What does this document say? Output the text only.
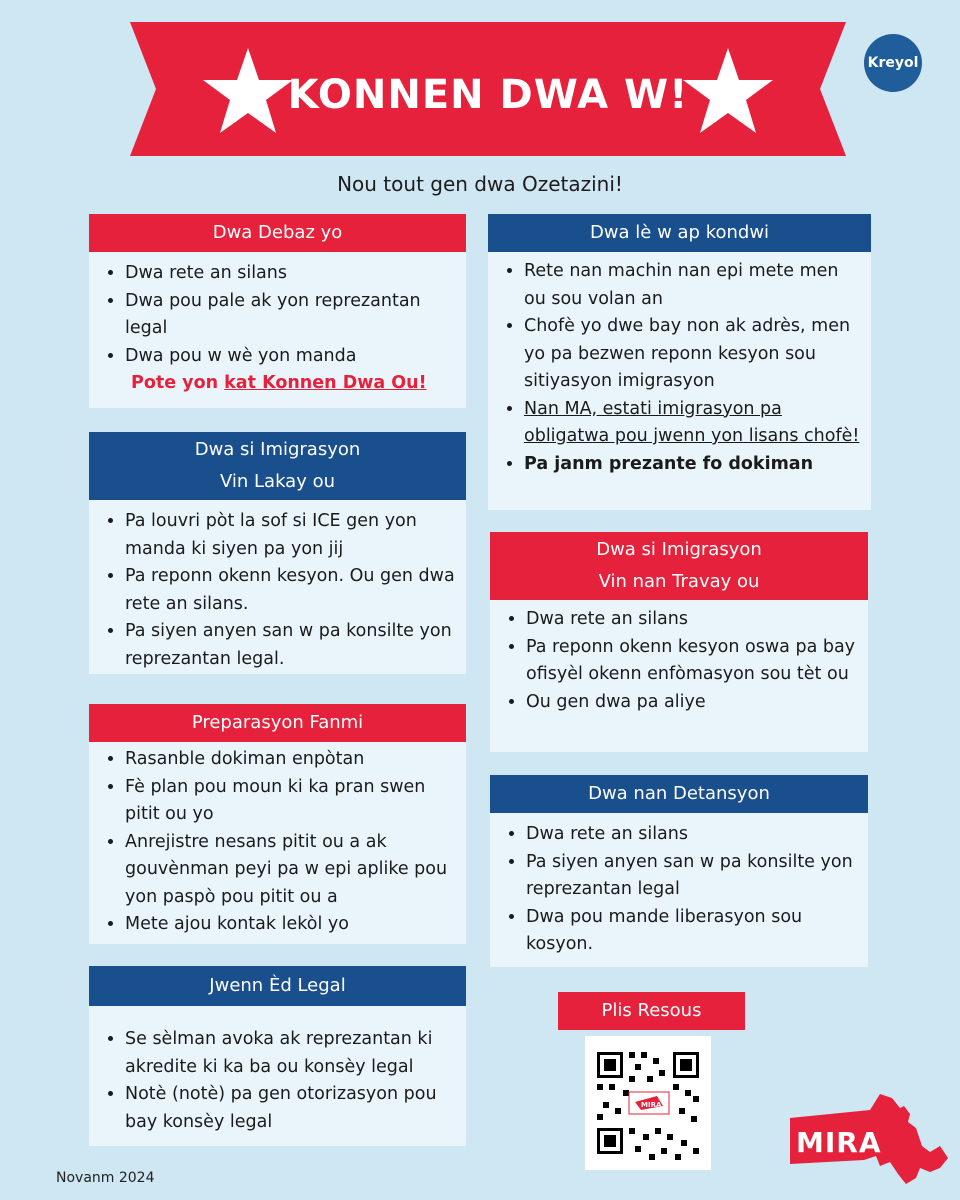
KONNEN DWA W!
Kreyol
Nou tout gen dwa Ozetazini!
Dwa Debaz yo
• Dwa rete an silans
• Dwa pou pale ak yon reprezantan legal
• Dwa pou w wè yon manda
Pote yon kat Konnen Dwa Ou!
Dwa si Imigrasyon
Vin Lakay ou
• Pa louvri pòt la sof si ICE gen yon manda ki siyen pa yon jij
• Pa reponn okenn kesyon. Ou gen dwa rete an silans.
• Pa siyen anyen san w pa konsilte yon reprezantan legal.
Preparasyon Fanmi
• Rasanble dokiman enpòtan
• Fè plan pou moun ki ka pran swen pitit ou yo
• Anrejistre nesans pitit ou a ak gouvènman peyi pa w epi aplike pou yon paspò pou pitit ou a
• Mete ajou kontak lekòl yo
Jwenn Èd Legal
• Se sèlman avoka ak reprezantan ki akredite ki ka ba ou konsèy legal
• Notè (notè) pa gen otorizasyon pou bay konsèy legal
Dwa lè w ap kondwi
• Rete nan machin nan epi mete men ou sou volan an
• Chofè yo dwe bay non ak adrès, men yo pa bezwen reponn kesyon sou sitiyasyon imigrasyon
• Nan MA, estati imigrasyon pa obligatwa pou jwenn yon lisans chofè!
• Pa janm prezante fo dokiman
Dwa si Imigrasyon
Vin nan Travay ou
• Dwa rete an silans
• Pa reponn okenn kesyon oswa pa bay ofisyèl okenn enfòmasyon sou tèt ou
• Ou gen dwa pa aliye
Dwa nan Detansyon
• Dwa rete an silans
• Pa siyen anyen san w pa konsilte yon reprezantan legal
• Dwa pou mande liberasyon sou kosyon.
Plis Resous
MIRA
Novanm 2024
MIRA
